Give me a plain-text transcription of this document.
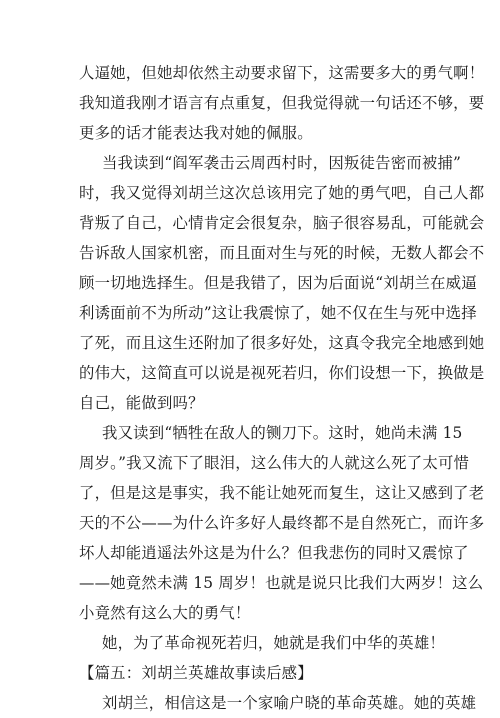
人逼她，但她却依然主动要求留下，这需要多大的勇气啊！
我知道我刚才语言有点重复，但我觉得就一句话还不够，要
更多的话才能表达我对她的佩服。
当我读到“阎军袭击云周西村时，因叛徒告密而被捕”
时，我又觉得刘胡兰这次总该用完了她的勇气吧，自己人都
背叛了自己，心情肯定会很复杂，脑子很容易乱，可能就会
告诉敌人国家机密，而且面对生与死的时候，无数人都会不
顾一切地选择生。但是我错了，因为后面说“刘胡兰在威逼
利诱面前不为所动”这让我震惊了，她不仅在生与死中选择
了死，而且这生还附加了很多好处，这真令我完全地感到她
的伟大，这简直可以说是视死若归，你们设想一下，换做是
自己，能做到吗？
我又读到“牺牲在敌人的铡刀下。这时，她尚未满 15
周岁。”我又流下了眼泪，这么伟大的人就这么死了太可惜
了，但是这是事实，我不能让她死而复生，这让又感到了老
天的不公——为什么许多好人最终都不是自然死亡，而许多
坏人却能逍遥法外这是为什么？但我悲伤的同时又震惊了
——她竟然未满 15 周岁！也就是说只比我们大两岁！这么
小竟然有这么大的勇气！
她，为了革命视死若归，她就是我们中华的英雄！
【篇五：刘胡兰英雄故事读后感】
刘胡兰，相信这是一个家喻户晓的革命英雄。她的英雄
